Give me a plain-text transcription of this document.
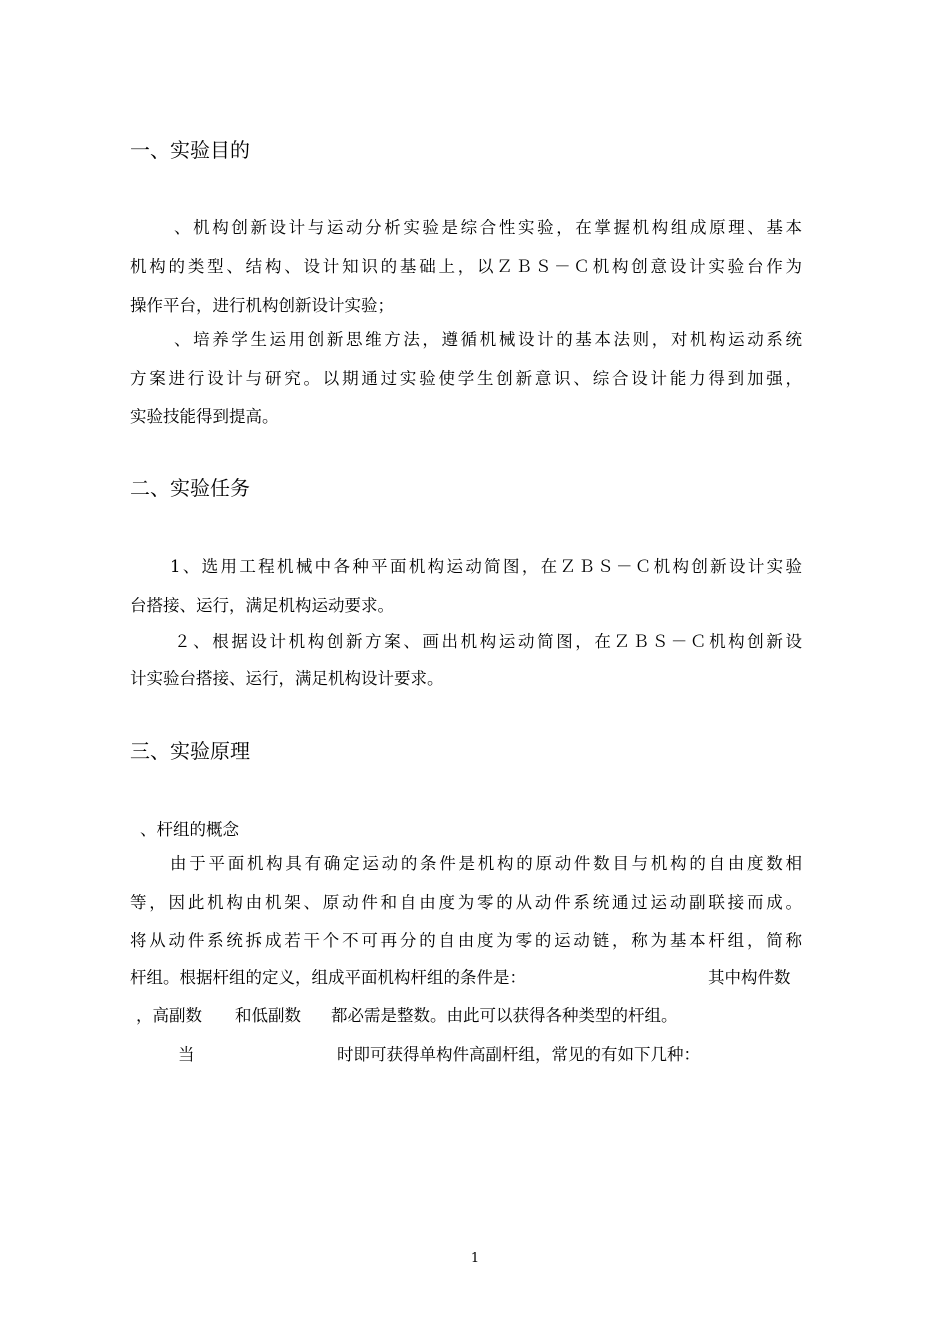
一、实验目的
、机构创新设计与运动分析实验是综合性实验，在掌握机构组成原理、基本
机构的类型、结构、设计知识的基础上，以ＺＢＳ－Ｃ机构创意设计实验台作为
操作平台，进行机构创新设计实验；
、培养学生运用创新思维方法，遵循机械设计的基本法则，对机构运动系统
方案进行设计与研究。以期通过实验使学生创新意识、综合设计能力得到加强，
实验技能得到提高。
二、实验任务
1、选用工程机械中各种平面机构运动简图，在ＺＢＳ－Ｃ机构创新设计实验
台搭接、运行，满足机构运动要求。
２、根据设计机构创新方案、画出机构运动简图，在ＺＢＳ－Ｃ机构创新设
计实验台搭接、运行，满足机构设计要求。
三、实验原理
、杆组的概念
由于平面机构具有确定运动的条件是机构的原动件数目与机构的自由度数相
等，因此机构由机架、原动件和自由度为零的从动件系统通过运动副联接而成。
将从动件系统拆成若干个不可再分的自由度为零的运动链，称为基本杆组，简称
杆组。根据杆组的定义，组成平面机构杆组的条件是：	其中构件数
，高副数 和低副数 都必需是整数。由此可以获得各种类型的杆组。
当	时即可获得单构件高副杆组，常见的有如下几种：
1
